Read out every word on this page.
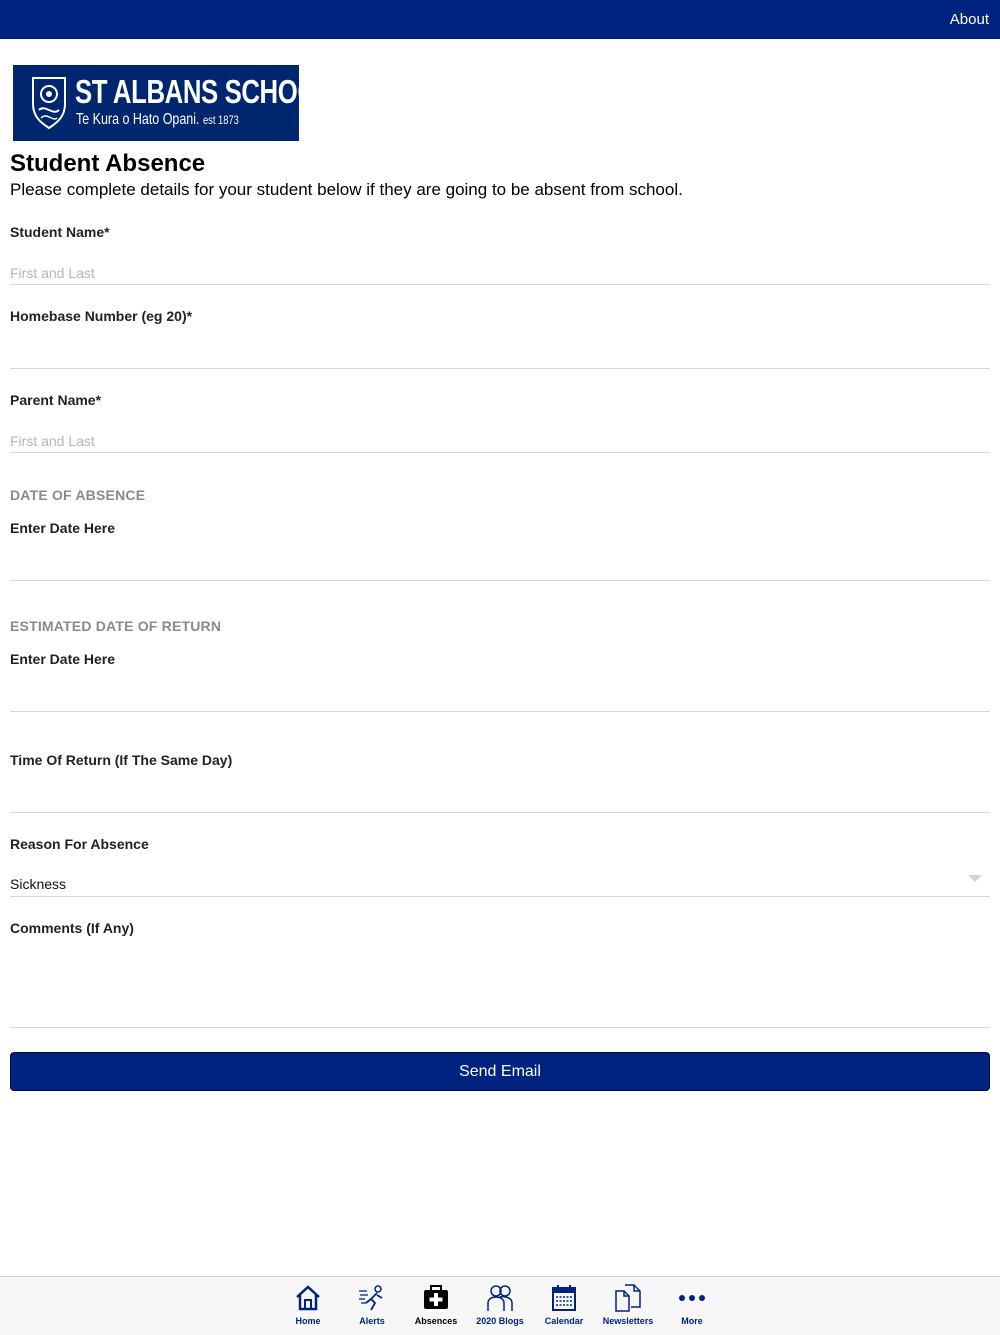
About
ST ALBANS SCHOOL
Te Kura o Hato Opani. est 1873
Student Absence
Please complete details for your student below if they are going to be absent from school.
Student Name*
First and Last
Homebase Number (eg 20)*
Parent Name*
First and Last
DATE OF ABSENCE
Enter Date Here
ESTIMATED DATE OF RETURN
Enter Date Here
Time Of Return (If The Same Day)
Reason For Absence
Sickness
Comments (If Any)
Send Email
Home	Alerts	Absences	2020 Blogs	Calendar	Newsletters	More
